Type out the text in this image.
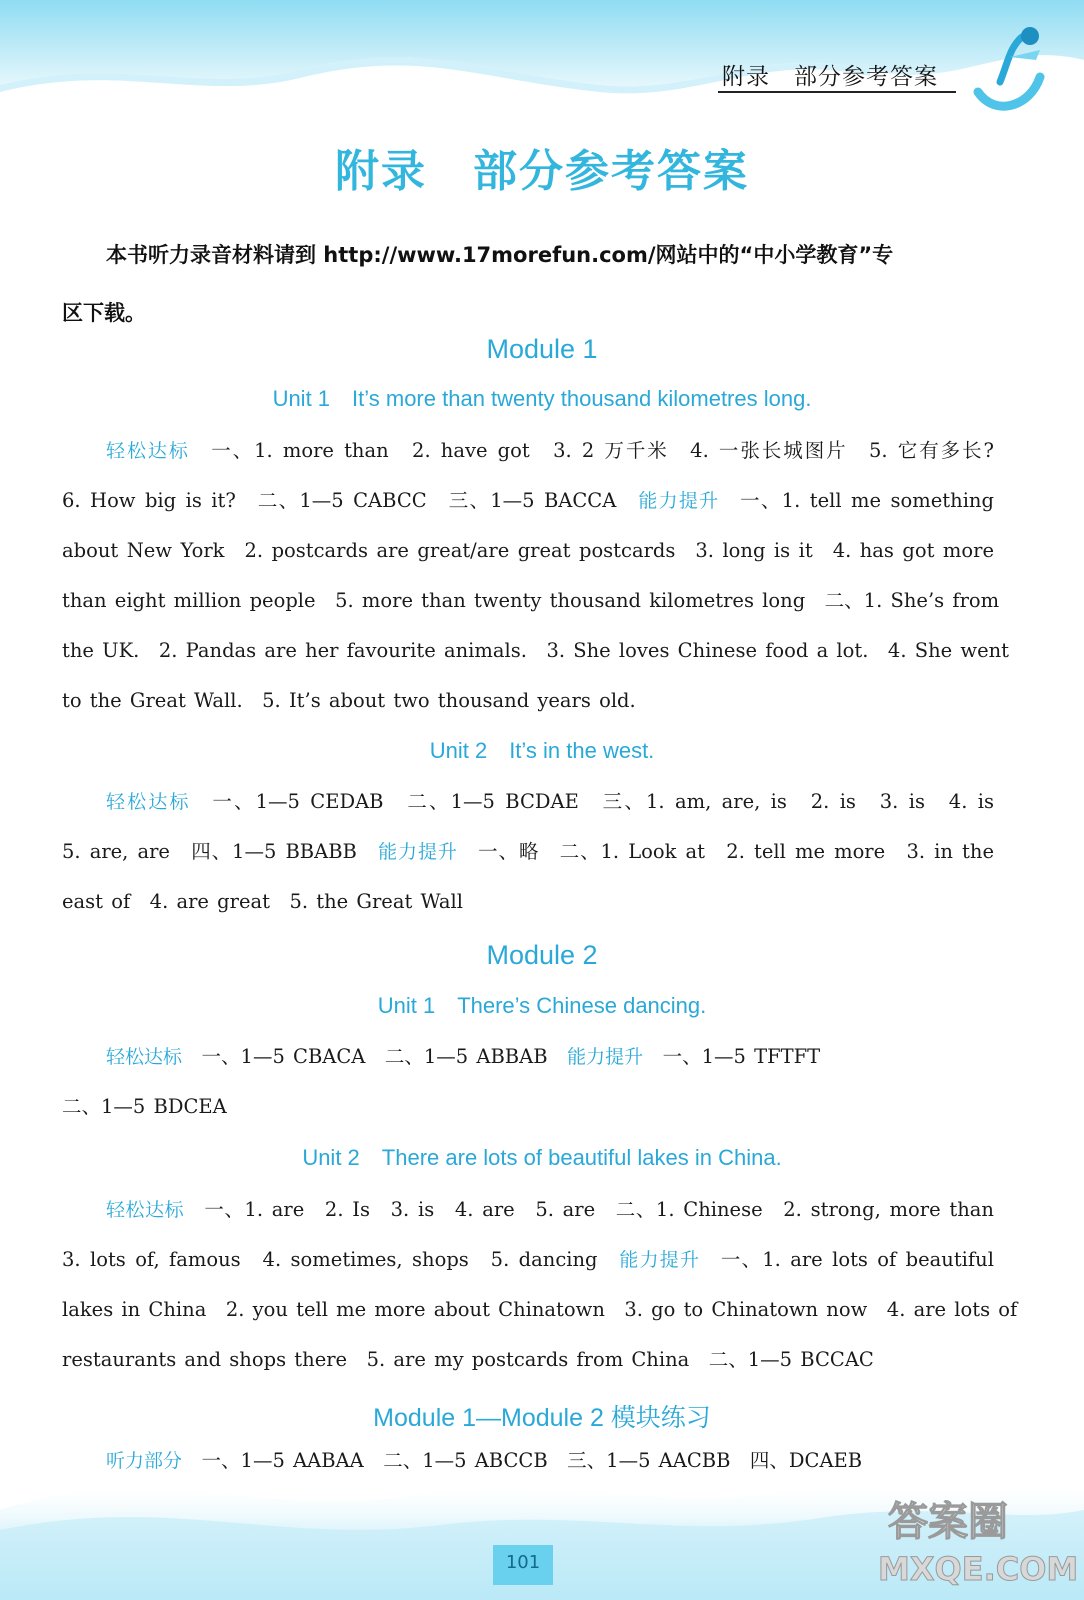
附录　部分参考答案
附录　部分参考答案
本书听力录音材料请到 http://www.17morefun.com/网站中的“中小学教育”专
区下载。
Module 1
Unit 1 It’s more than twenty thousand kilometres long.
轻松达标　 一、1. more than　2. have got　3. 2 万千米　4. 一张长城图片　5. 它有多长?
6. How big is it?　二、1—5 CABCC　三、1—5 BACCA　 能力提升　 一、1. tell me something
about New York　2. postcards are great/are great postcards　3. long is it　4. has got more
than eight million people　5. more than twenty thousand kilometres long　二、1. She’s from
the UK.　2. Pandas are her favourite animals.　3. She loves Chinese food a lot.　4. She went
to the Great Wall.　5. It’s about two thousand years old.
Unit 2 It’s in the west.
轻松达标　 一、1—5 CEDAB　二、1—5 BCDAE　三、1. am, are, is　2. is　3. is　4. is
5. are, are　四、1—5 BBABB　 能力提升　 一、略　二、1. Look at　2. tell me more　3. in the
east of　4. are great　5. the Great Wall
Module 2
Unit 1 There’s Chinese dancing.
轻松达标　 一、1—5 CBACA　二、1—5 ABBAB　 能力提升　 一、1—5 TFTFT
二、1—5 BDCEA
Unit 2 There are lots of beautiful lakes in China.
轻松达标　 一、1. are　2. Is　3. is　4. are　5. are　二、1. Chinese　2. strong, more than
3. lots of, famous　4. sometimes, shops　5. dancing　 能力提升　 一、1. are lots of beautiful
lakes in China　2. you tell me more about Chinatown　3. go to Chinatown now　4. are lots of
restaurants and shops there　5. are my postcards from China　二、1—5 BCCAC
Module 1—Module 2 模块练习
听力部分　 一、1—5 AABAA　二、1—5 ABCCB　三、1—5 AACBB　四、DCAEB
101
答案圈
MXQE.COM
